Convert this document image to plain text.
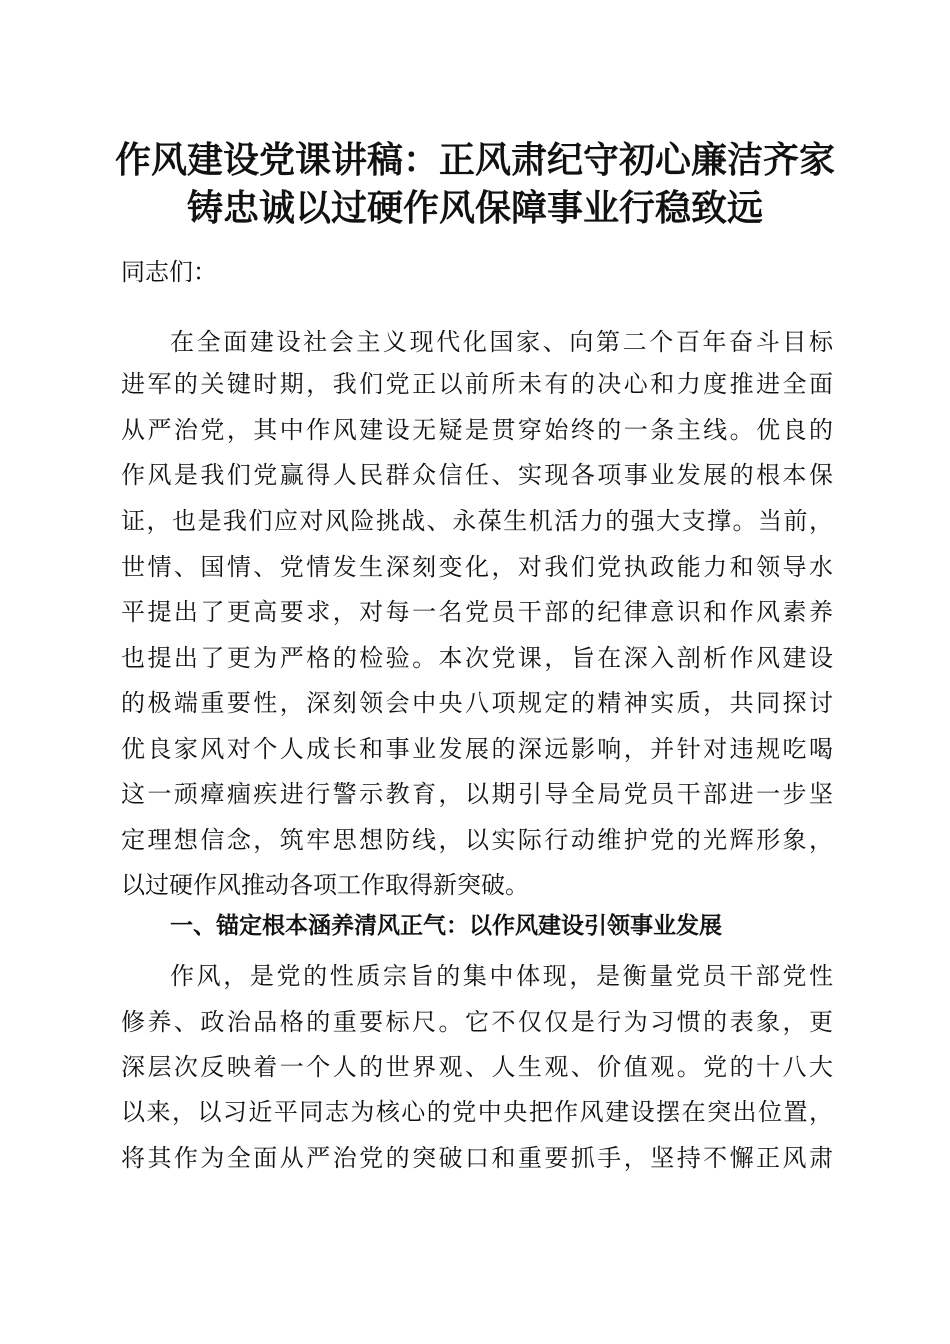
作风建设党课讲稿：正风肃纪守初心廉洁齐家
铸忠诚以过硬作风保障事业行稳致远
同志们：
在全面建设社会主义现代化国家、向第二个百年奋斗目标
进军的关键时期，我们党正以前所未有的决心和力度推进全面
从严治党，其中作风建设无疑是贯穿始终的一条主线。优良的
作风是我们党赢得人民群众信任、实现各项事业发展的根本保
证，也是我们应对风险挑战、永葆生机活力的强大支撑。当前，
世情、国情、党情发生深刻变化，对我们党执政能力和领导水
平提出了更高要求，对每一名党员干部的纪律意识和作风素养
也提出了更为严格的检验。本次党课，旨在深入剖析作风建设
的极端重要性，深刻领会中央八项规定的精神实质，共同探讨
优良家风对个人成长和事业发展的深远影响，并针对违规吃喝
这一顽瘴痼疾进行警示教育，以期引导全局党员干部进一步坚
定理想信念，筑牢思想防线，以实际行动维护党的光辉形象，
以过硬作风推动各项工作取得新突破。
一、锚定根本涵养清风正气：以作风建设引领事业发展
作风，是党的性质宗旨的集中体现，是衡量党员干部党性
修养、政治品格的重要标尺。它不仅仅是行为习惯的表象，更
深层次反映着一个人的世界观、人生观、价值观。党的十八大
以来，以习近平同志为核心的党中央把作风建设摆在突出位置，
将其作为全面从严治党的突破口和重要抓手，坚持不懈正风肃
